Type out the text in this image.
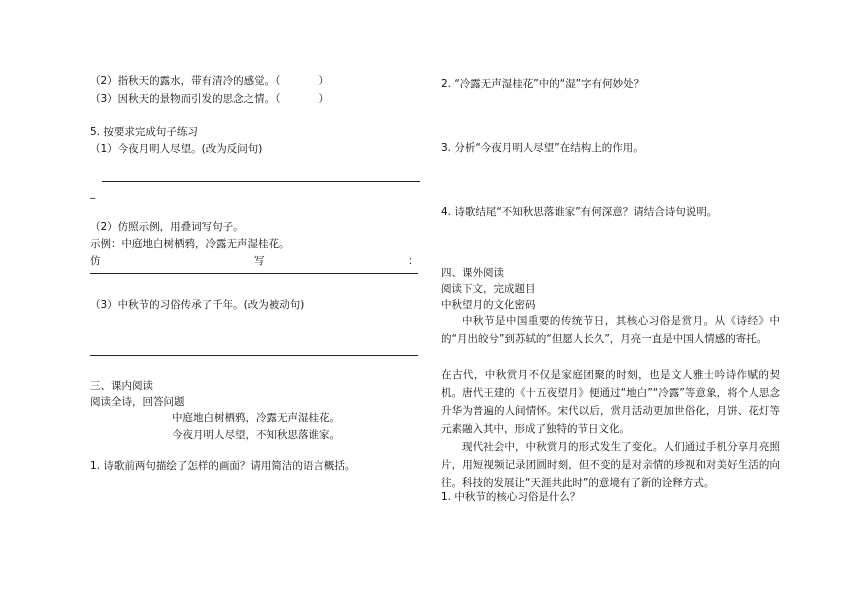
（2）指秋天的露水，带有清冷的感觉。（	）
（3）因秋天的景物而引发的思念之情。（	）
5. 按要求完成句子练习
（1）今夜月明人尽望。(改为反问句)
_
（2）仿照示例，用叠词写句子。
示例：中庭地白树栖鸦，冷露无声湿桂花。
仿	写	：
（3）中秋节的习俗传承了千年。(改为被动句)
三、课内阅读
阅读全诗，回答问题
中庭地白树栖鸦，冷露无声湿桂花。
今夜月明人尽望，不知秋思落谁家。
1. 诗歌前两句描绘了怎样的画面？请用简洁的语言概括。
2. “冷露无声湿桂花”中的“湿”字有何妙处？
3. 分析“今夜月明人尽望”在结构上的作用。
4. 诗歌结尾“不知秋思落谁家”有何深意？请结合诗句说明。
四、课外阅读
阅读下文，完成题目
中秋望月的文化密码
中秋节是中国重要的传统节日，其核心习俗是赏月。从《诗经》中的“月出皎兮”到苏轼的“但愿人长久”，月亮一直是中国人情感的寄托。
在古代，中秋赏月不仅是家庭团聚的时刻，也是文人雅士吟诗作赋的契机。唐代王建的《十五夜望月》便通过“地白”“冷露”等意象，将个人思念升华为普遍的人间情怀。宋代以后，赏月活动更加世俗化，月饼、花灯等元素融入其中，形成了独特的节日文化。
现代社会中，中秋赏月的形式发生了变化。人们通过手机分享月亮照片，用短视频记录团圆时刻，但不变的是对亲情的珍视和对美好生活的向往。科技的发展让“天涯共此时”的意境有了新的诠释方式。
1. 中秋节的核心习俗是什么？
